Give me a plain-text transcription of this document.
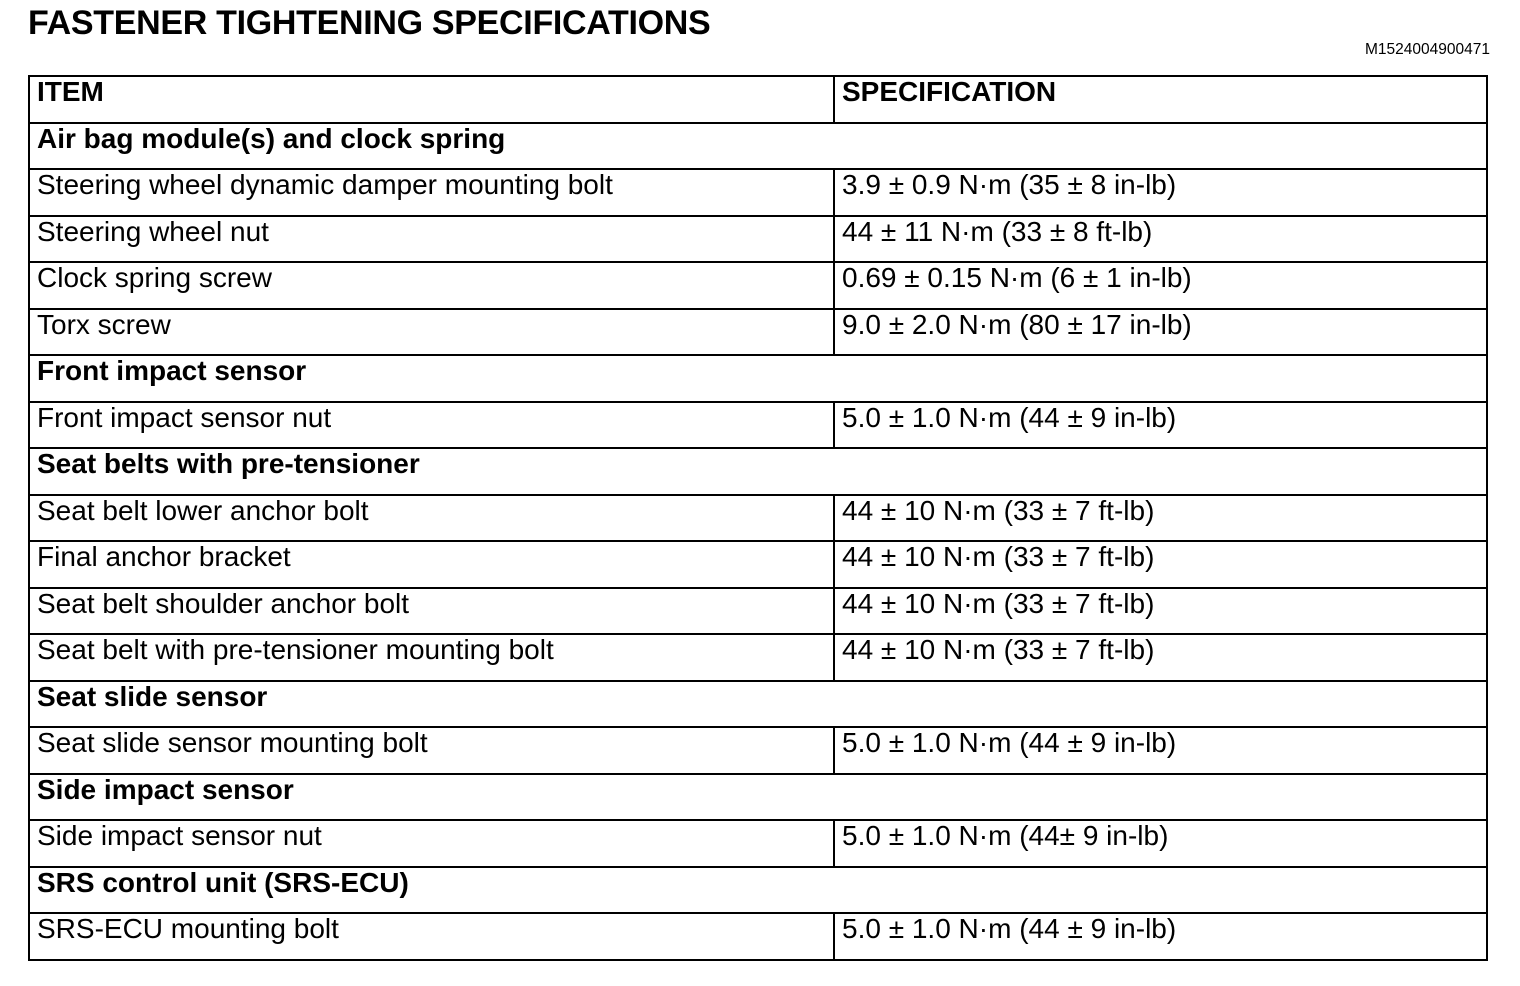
FASTENER TIGHTENING SPECIFICATIONS
M1524004900471
ITEM	SPECIFICATION
Air bag module(s) and clock spring	
Steering wheel dynamic damper mounting bolt	3.9 ± 0.9 N·m (35 ± 8 in-lb)
Steering wheel nut	44 ± 11 N·m (33 ± 8 ft-lb)
Clock spring screw	0.69 ± 0.15 N·m (6 ± 1 in-lb)
Torx screw	9.0 ± 2.0 N·m (80 ± 17 in-lb)
Front impact sensor	
Front impact sensor nut	5.0 ± 1.0 N·m (44 ± 9 in-lb)
Seat belts with pre-tensioner	
Seat belt lower anchor bolt	44 ± 10 N·m (33 ± 7 ft-lb)
Final anchor bracket	44 ± 10 N·m (33 ± 7 ft-lb)
Seat belt shoulder anchor bolt	44 ± 10 N·m (33 ± 7 ft-lb)
Seat belt with pre-tensioner mounting bolt	44 ± 10 N·m (33 ± 7 ft-lb)
Seat slide sensor	
Seat slide sensor mounting bolt	5.0 ± 1.0 N·m (44 ± 9 in-lb)
Side impact sensor	
Side impact sensor nut	5.0 ± 1.0 N·m (44± 9 in-lb)
SRS control unit (SRS-ECU)	
SRS-ECU mounting bolt	5.0 ± 1.0 N·m (44 ± 9 in-lb)
